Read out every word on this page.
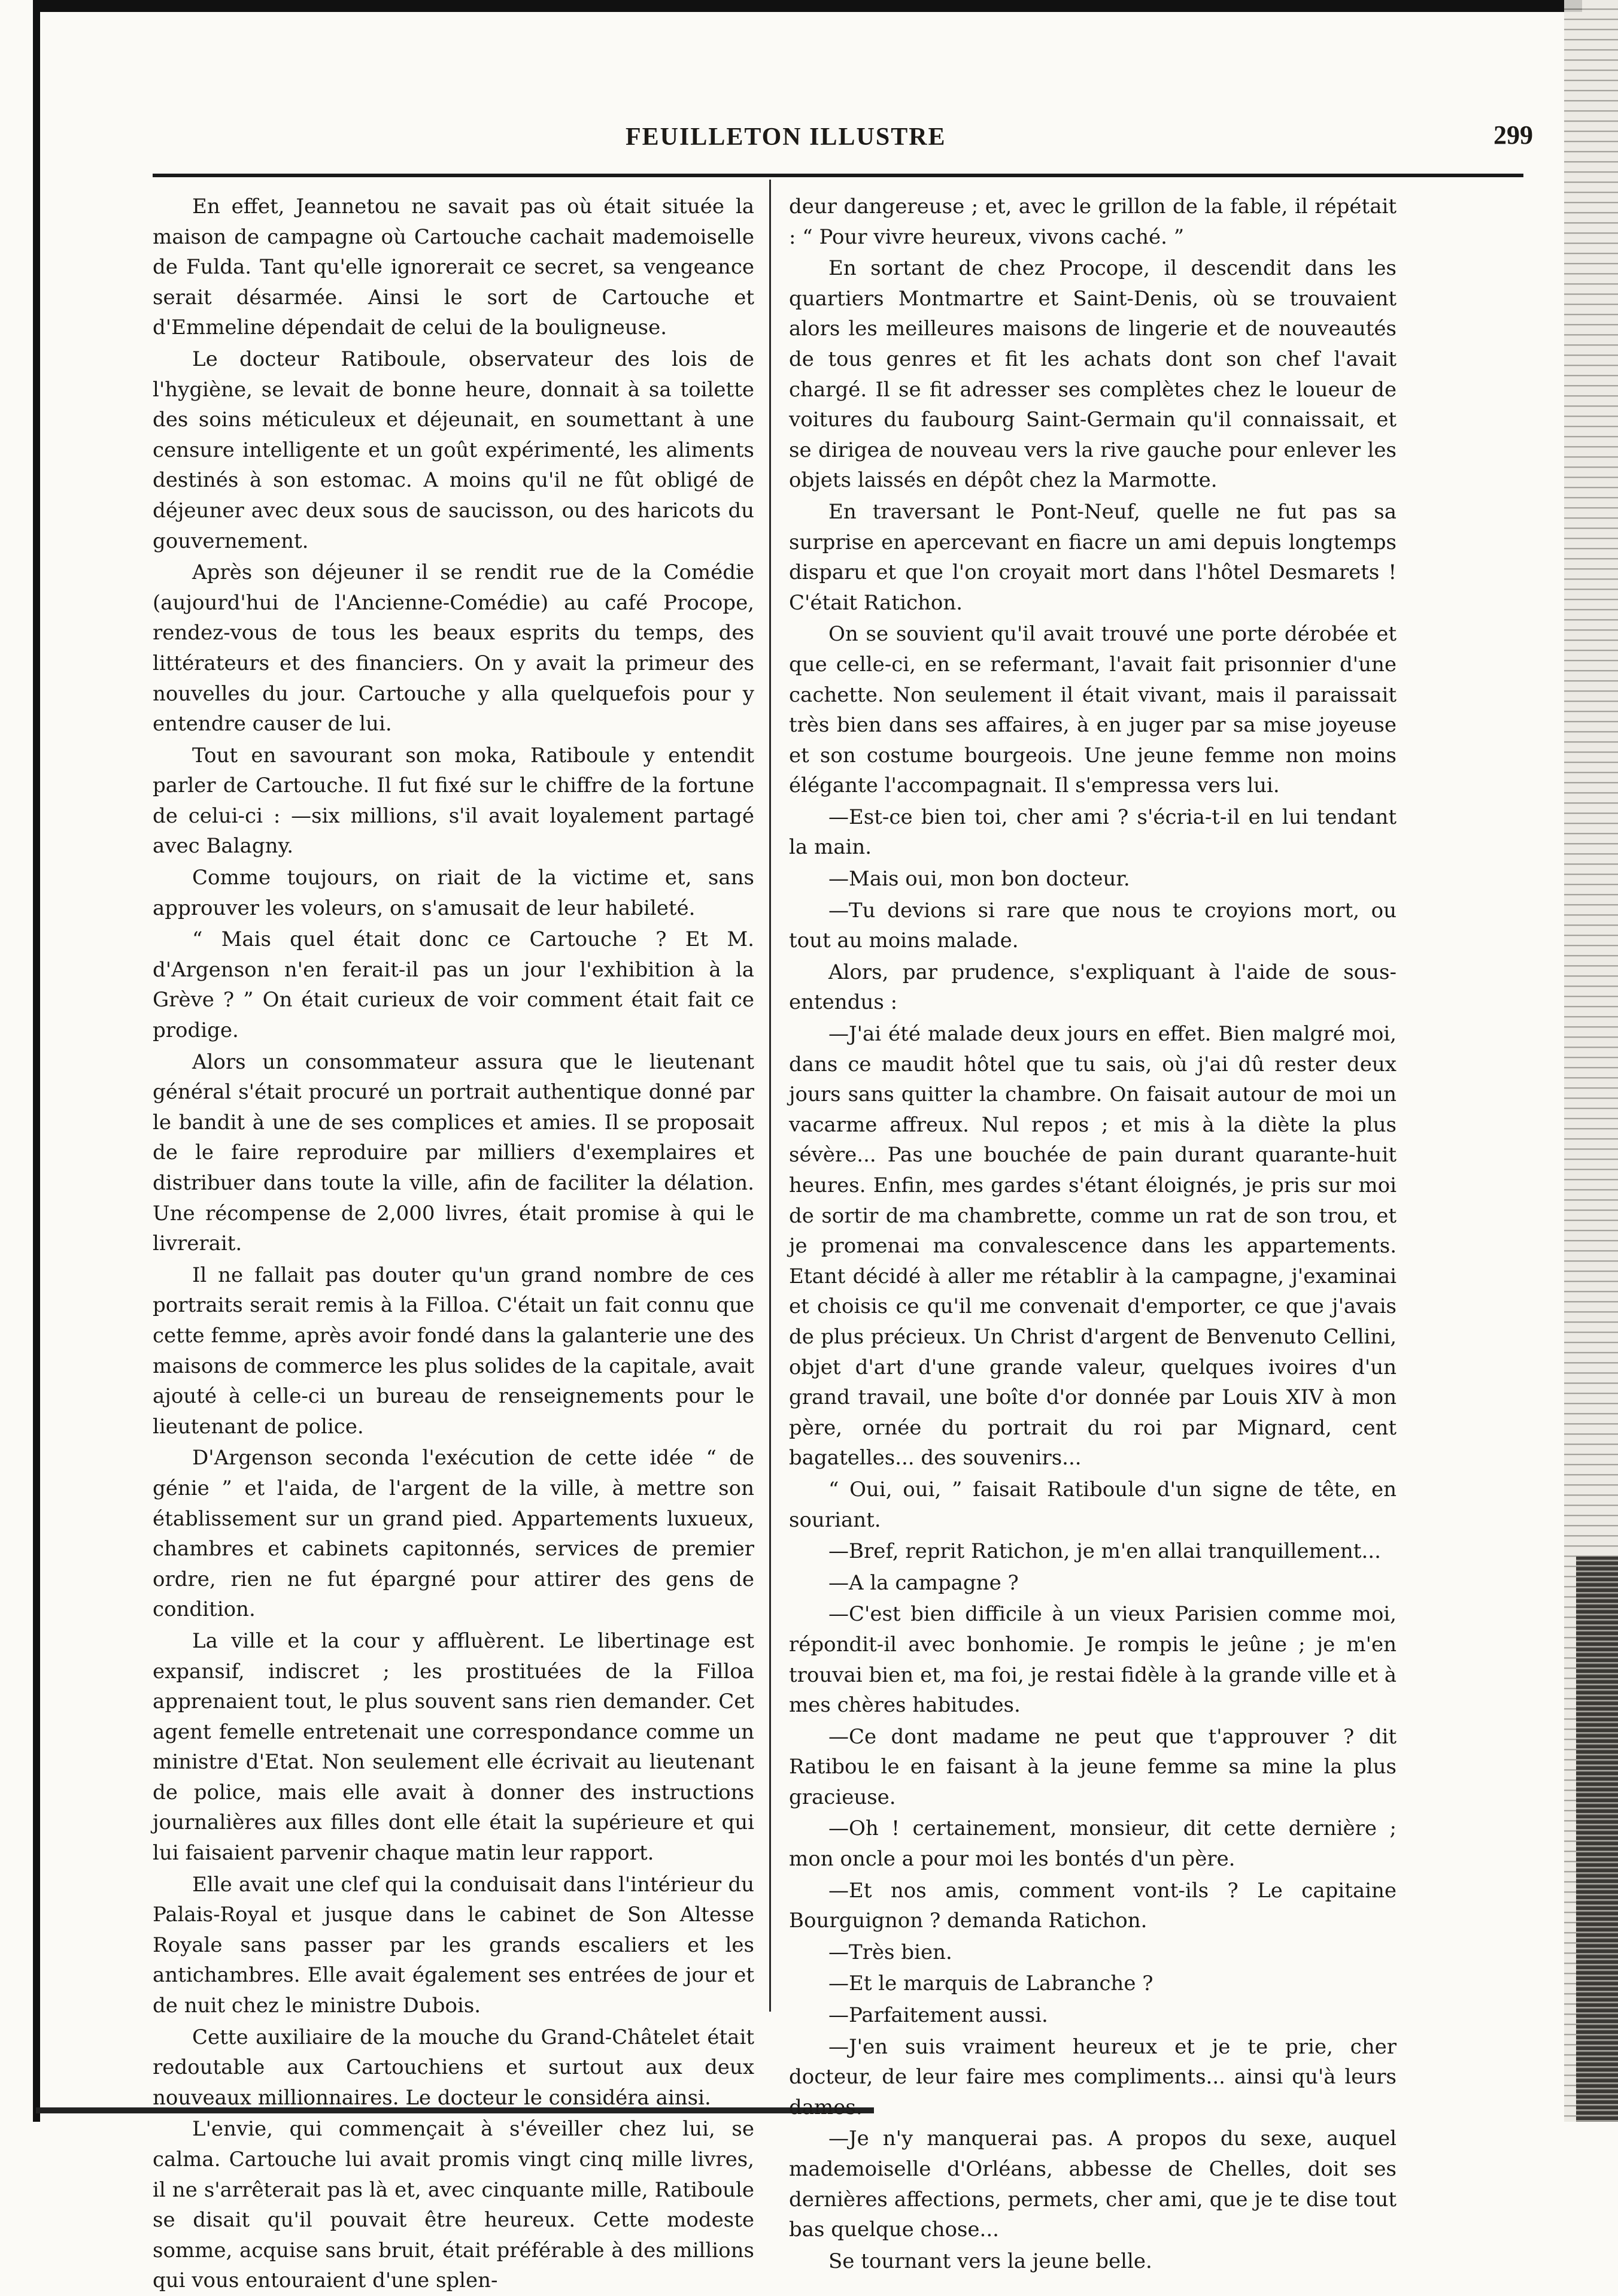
FEUILLETON ILLUSTRE	299

En effet, Jeannetou ne savait pas où était située la maison de campagne où Cartouche cachait mademoiselle de Fulda. Tant qu'elle ignorerait ce secret, sa vengeance serait désarmée. Ainsi le sort de Cartouche et d'Emmeline dépendait de celui de la bouligneuse.

Le docteur Ratiboule, observateur des lois de l'hygiène, se levait de bonne heure, donnait à sa toilette des soins méticuleux et déjeunait, en soumettant à une censure intelligente et un goût expérimenté, les aliments destinés à son estomac. A moins qu'il ne fût obligé de déjeuner avec deux sous de saucisson, ou des haricots du gouvernement.

Après son déjeuner il se rendit rue de la Comédie (aujourd'hui de l'Ancienne-Comédie) au café Procope, rendez-vous de tous les beaux esprits du temps, des littérateurs et des financiers. On y avait la primeur des nouvelles du jour. Cartouche y alla quelquefois pour y entendre causer de lui.

Tout en savourant son moka, Ratiboule y entendit parler de Cartouche. Il fut fixé sur le chiffre de la fortune de celui-ci : —six millions, s'il avait loyalement partagé avec Balagny.

Comme toujours, on riait de la victime et, sans approuver les voleurs, on s'amusait de leur habileté.

“ Mais quel était donc ce Cartouche ? Et M. d'Argenson n'en ferait-il pas un jour l'exhibition à la Grève ? ” On était curieux de voir comment était fait ce prodige.

Alors un consommateur assura que le lieutenant général s'était procuré un portrait authentique donné par le bandit à une de ses complices et amies. Il se proposait de le faire reproduire par milliers d'exemplaires et distribuer dans toute la ville, afin de faciliter la délation. Une récompense de 2,000 livres, était promise à qui le livrerait.

Il ne fallait pas douter qu'un grand nombre de ces portraits serait remis à la Filloa. C'était un fait connu que cette femme, après avoir fondé dans la galanterie une des maisons de commerce les plus solides de la capitale, avait ajouté à celle-ci un bureau de renseignements pour le lieutenant de police.

D'Argenson seconda l'exécution de cette idée “ de génie ” et l'aida, de l'argent de la ville, à mettre son établissement sur un grand pied. Appartements luxueux, chambres et cabinets capitonnés, services de premier ordre, rien ne fut épargné pour attirer des gens de condition.

La ville et la cour y affluèrent. Le libertinage est expansif, indiscret ; les prostituées de la Filloa apprenaient tout, le plus souvent sans rien demander. Cet agent femelle entretenait une correspondance comme un ministre d'Etat. Non seulement elle écrivait au lieutenant de police, mais elle avait à donner des instructions journalières aux filles dont elle était la supérieure et qui lui faisaient parvenir chaque matin leur rapport.

Elle avait une clef qui la conduisait dans l'intérieur du Palais-Royal et jusque dans le cabinet de Son Altesse Royale sans passer par les grands escaliers et les antichambres. Elle avait également ses entrées de jour et de nuit chez le ministre Dubois.

Cette auxiliaire de la mouche du Grand-Châtelet était redoutable aux Cartouchiens et surtout aux deux nouveaux millionnaires. Le docteur le considéra ainsi.

L'envie, qui commençait à s'éveiller chez lui, se calma. Cartouche lui avait promis vingt cinq mille livres, il ne s'arrêterait pas là et, avec cinquante mille, Ratiboule se disait qu'il pouvait être heureux. Cette modeste somme, acquise sans bruit, était préférable à des millions qui vous entouraient d'une splen-

deur dangereuse ; et, avec le grillon de la fable, il répétait : “ Pour vivre heureux, vivons caché. ”

En sortant de chez Procope, il descendit dans les quartiers Montmartre et Saint-Denis, où se trouvaient alors les meilleures maisons de lingerie et de nouveautés de tous genres et fit les achats dont son chef l'avait chargé. Il se fit adresser ses complètes chez le loueur de voitures du faubourg Saint-Germain qu'il connaissait, et se dirigea de nouveau vers la rive gauche pour enlever les objets laissés en dépôt chez la Marmotte.

En traversant le Pont-Neuf, quelle ne fut pas sa surprise en apercevant en fiacre un ami depuis longtemps disparu et que l'on croyait mort dans l'hôtel Desmarets ! C'était Ratichon.

On se souvient qu'il avait trouvé une porte dérobée et que celle-ci, en se refermant, l'avait fait prisonnier d'une cachette. Non seulement il était vivant, mais il paraissait très bien dans ses affaires, à en juger par sa mise joyeuse et son costume bourgeois. Une jeune femme non moins élégante l'accompagnait. Il s'empressa vers lui.

—Est-ce bien toi, cher ami ? s'écria-t-il en lui tendant la main.

—Mais oui, mon bon docteur.

—Tu devions si rare que nous te croyions mort, ou tout au moins malade.

Alors, par prudence, s'expliquant à l'aide de sous-entendus :

—J'ai été malade deux jours en effet. Bien malgré moi, dans ce maudit hôtel que tu sais, où j'ai dû rester deux jours sans quitter la chambre. On faisait autour de moi un vacarme affreux. Nul repos ; et mis à la diète la plus sévère... Pas une bouchée de pain durant quarante-huit heures. Enfin, mes gardes s'étant éloignés, je pris sur moi de sortir de ma chambrette, comme un rat de son trou, et je promenai ma convalescence dans les appartements. Etant décidé à aller me rétablir à la campagne, j'examinai et choisis ce qu'il me convenait d'emporter, ce que j'avais de plus précieux. Un Christ d'argent de Benvenuto Cellini, objet d'art d'une grande valeur, quelques ivoires d'un grand travail, une boîte d'or donnée par Louis XIV à mon père, ornée du portrait du roi par Mignard, cent bagatelles... des souvenirs...

“ Oui, oui, ” faisait Ratiboule d'un signe de tête, en souriant.

—Bref, reprit Ratichon, je m'en allai tranquillement...

—A la campagne ?

—C'est bien difficile à un vieux Parisien comme moi, répondit-il avec bonhomie. Je rompis le jeûne ; je m'en trouvai bien et, ma foi, je restai fidèle à la grande ville et à mes chères habitudes.

—Ce dont madame ne peut que t'approuver ? dit Ratibou le en faisant à la jeune femme sa mine la plus gracieuse.

—Oh ! certainement, monsieur, dit cette dernière ; mon oncle a pour moi les bontés d'un père.

—Et nos amis, comment vont-ils ? Le capitaine Bourguignon ? demanda Ratichon.

—Très bien.

—Et le marquis de Labranche ?

—Parfaitement aussi.

—J'en suis vraiment heureux et je te prie, cher docteur, de leur faire mes compliments... ainsi qu'à leurs dames.

—Je n'y manquerai pas. A propos du sexe, auquel mademoiselle d'Orléans, abbesse de Chelles, doit ses dernières affections, permets, cher ami, que je te dise tout bas quelque chose...

Se tournant vers la jeune belle.
